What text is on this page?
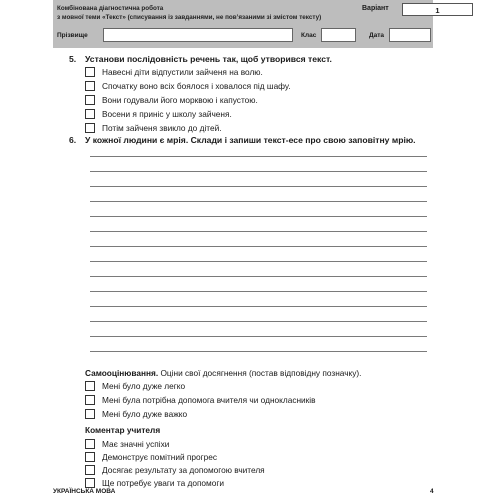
Комбінована діагностична робота
з мовної теми «Текст» (списування із завданнями, не пов’язаними зі змістом тексту)
Варіант	1
Прізвище	Клас	Дата
5. Установи послідовність речень так, щоб утворився текст.
Навесні діти відпустили зайченя на волю.
Спочатку воно всіх боялося і ховалося під шафу.
Вони годували його морквою і капустою.
Восени я приніс у школу зайченя.
Потім зайченя звикло до дітей.
6. У кожної людини є мрія. Склади і запиши текст-есе про свою заповітну мрію.
Самооцінювання. Оціни свої досягнення (постав відповідну позначку).
Мені було дуже легко
Мені була потрібна допомога вчителя чи однокласників
Мені було дуже важко
Коментар учителя
Має значні успіхи
Демонструє помітний прогрес
Досягає результату за допомогою вчителя
Ще потребує уваги та допомоги
УКРАЇНСЬКА МОВА	4
